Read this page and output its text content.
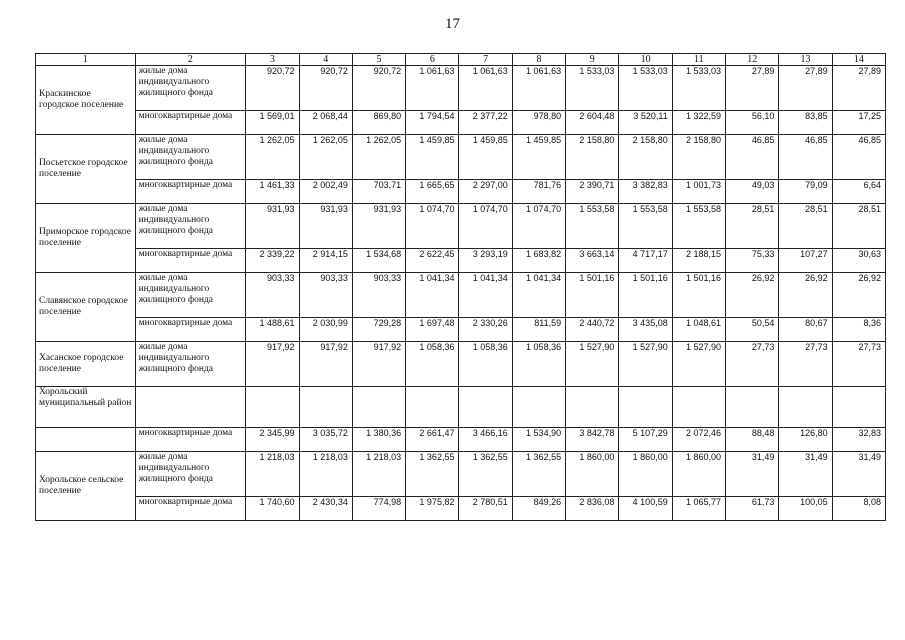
17
1	2	3	4	5	6	7	8	9	10	11	12	13	14
Краскинское городское поселение	жилые дома индивидуального жилищного фонда	920,72	920,72	920,72	1 061,63	1 061,63	1 061,63	1 533,03	1 533,03	1 533,03	27,89	27,89	27,89
	многоквартирные дома	1 569,01	2 068,44	869,80	1 794,54	2 377,22	978,80	2 604,48	3 520,11	1 322,59	56,10	83,85	17,25
Посьетское городское поселение	жилые дома индивидуального жилищного фонда	1 262,05	1 262,05	1 262,05	1 459,85	1 459,85	1 459,85	2 158,80	2 158,80	2 158,80	46,85	46,85	46,85
	многоквартирные дома	1 461,33	2 002,49	703,71	1 665,65	2 297,00	781,76	2 390,71	3 382,83	1 001,73	49,03	79,09	6,64
Приморское городское поселение	жилые дома индивидуального жилищного фонда	931,93	931,93	931,93	1 074,70	1 074,70	1 074,70	1 553,58	1 553,58	1 553,58	28,51	28,51	28,51
	многоквартирные дома	2 339,22	2 914,15	1 534,68	2 622,45	3 293,19	1 683,82	3 663,14	4 717,17	2 188,15	75,33	107,27	30,63
Славянское городское поселение	жилые дома индивидуального жилищного фонда	903,33	903,33	903,33	1 041,34	1 041,34	1 041,34	1 501,16	1 501,16	1 501,16	26,92	26,92	26,92
	многоквартирные дома	1 488,61	2 030,99	729,28	1 697,48	2 330,26	811,59	2 440,72	3 435,08	1 048,61	50,54	80,67	8,36
Хасанское городское поселение	жилые дома индивидуального жилищного фонда	917,92	917,92	917,92	1 058,36	1 058,36	1 058,36	1 527,90	1 527,90	1 527,90	27,73	27,73	27,73
Хорольский муниципальный район													
	многоквартирные дома	2 345,99	3 035,72	1 380,36	2 661,47	3 466,16	1 534,90	3 842,78	5 107,29	2 072,46	88,48	126,80	32,83
Хорольское сельское поселение	жилые дома индивидуального жилищного фонда	1 218,03	1 218,03	1 218,03	1 362,55	1 362,55	1 362,55	1 860,00	1 860,00	1 860,00	31,49	31,49	31,49
	многоквартирные дома	1 740,60	2 430,34	774,98	1 975,82	2 780,51	849,26	2 836,08	4 100,59	1 065,77	61,73	100,05	8,08
